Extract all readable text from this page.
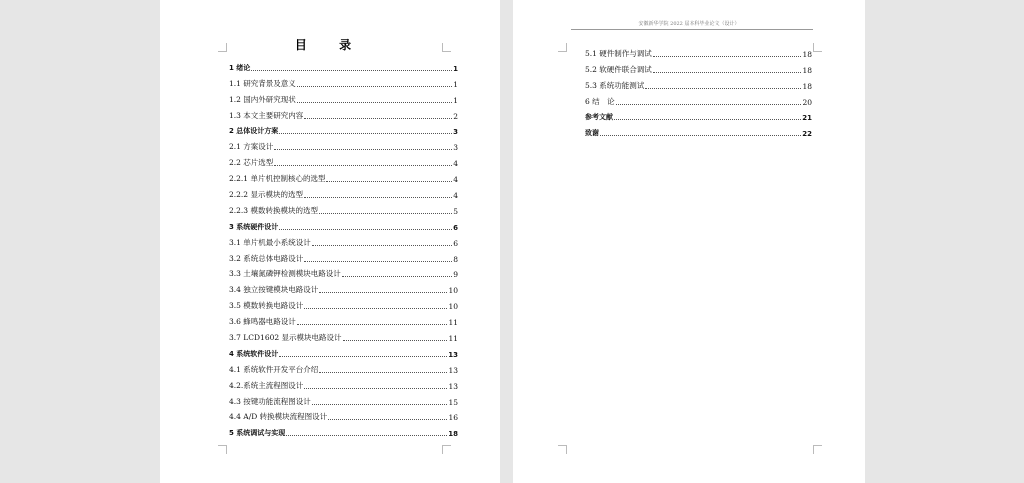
目 录
1 绪论	1
1.1 研究背景及意义	1
1.2 国内外研究现状	1
1.3 本文主要研究内容	2
2 总体设计方案	3
2.1 方案设计	3
2.2 芯片选型	4
2.2.1 单片机控制核心的选型	4
2.2.2 显示模块的选型	4
2.2.3 模数转换模块的选型	5
3 系统硬件设计	6
3.1 单片机最小系统设计	6
3.2 系统总体电路设计	8
3.3 土壤氮磷钾检测模块电路设计	9
3.4 独立按键模块电路设计	10
3.5 模数转换电路设计	10
3.6 蜂鸣器电路设计	11
3.7 LCD1602 显示模块电路设计	11
4 系统软件设计	13
4.1 系统软件开发平台介绍	13
4.2.系统主流程图设计	13
4.3 按键功能流程图设计	15
4.4 A/D 转换模块流程图设计	16
5 系统调试与实现	18
安徽新华学院 2022 届本科毕业论文（设计）
5.1 硬件制作与调试	18
5.2 软硬件联合调试	18
5.3 系统功能测试	18
6 结　论	20
参考文献	21
致谢	22
